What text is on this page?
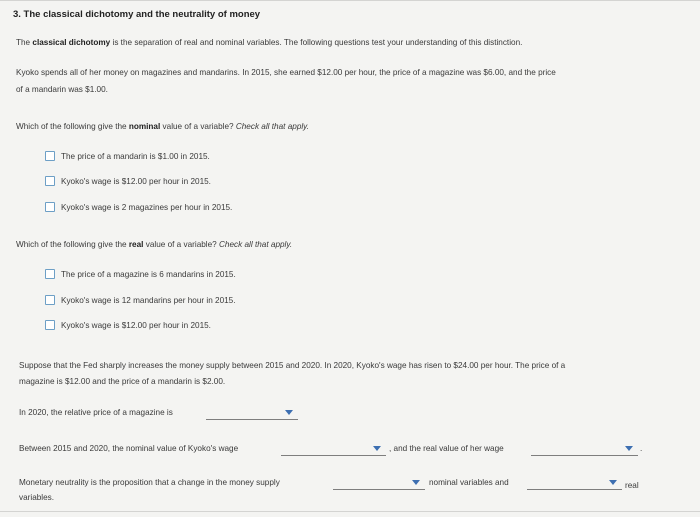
3. The classical dichotomy and the neutrality of money
The classical dichotomy is the separation of real and nominal variables. The following questions test your understanding of this distinction.
Kyoko spends all of her money on magazines and mandarins. In 2015, she earned $12.00 per hour, the price of a magazine was $6.00, and the price
of a mandarin was $1.00.
Which of the following give the nominal value of a variable? Check all that apply.
The price of a mandarin is $1.00 in 2015.
Kyoko's wage is $12.00 per hour in 2015.
Kyoko's wage is 2 magazines per hour in 2015.
Which of the following give the real value of a variable? Check all that apply.
The price of a magazine is 6 mandarins in 2015.
Kyoko's wage is 12 mandarins per hour in 2015.
Kyoko's wage is $12.00 per hour in 2015.
Suppose that the Fed sharply increases the money supply between 2015 and 2020. In 2020, Kyoko's wage has risen to $24.00 per hour. The price of a
magazine is $12.00 and the price of a mandarin is $2.00.
In 2020, the relative price of a magazine is
Between 2015 and 2020, the nominal value of Kyoko's wage	, and the real value of her wage	.
Monetary neutrality is the proposition that a change in the money supply	nominal variables and	real
variables.
